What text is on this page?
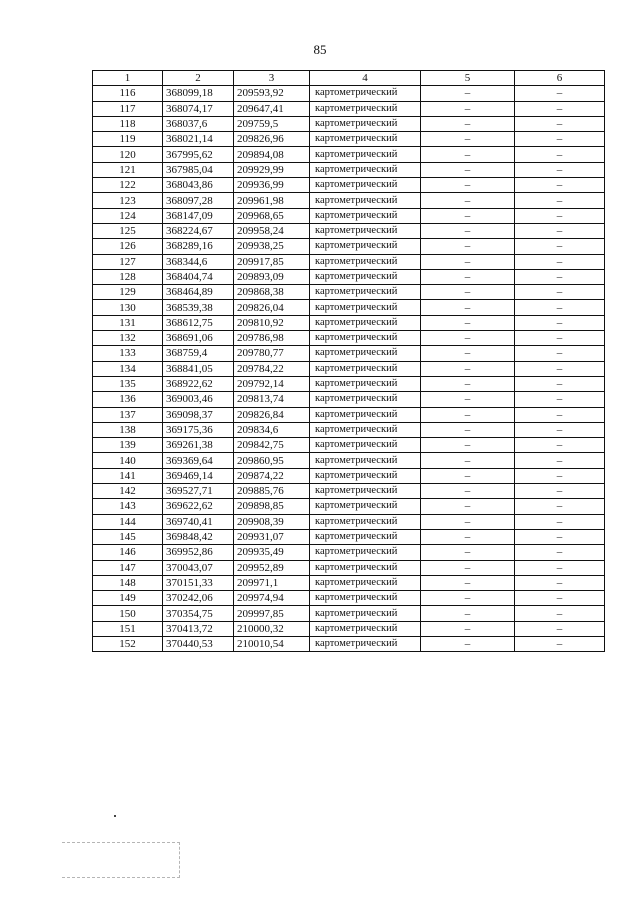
85
1	2	3	4	5	6
116	368099,18	209593,92	картометрический	–	–
117	368074,17	209647,41	картометрический	–	–
118	368037,6	209759,5	картометрический	–	–
119	368021,14	209826,96	картометрический	–	–
120	367995,62	209894,08	картометрический	–	–
121	367985,04	209929,99	картометрический	–	–
122	368043,86	209936,99	картометрический	–	–
123	368097,28	209961,98	картометрический	–	–
124	368147,09	209968,65	картометрический	–	–
125	368224,67	209958,24	картометрический	–	–
126	368289,16	209938,25	картометрический	–	–
127	368344,6	209917,85	картометрический	–	–
128	368404,74	209893,09	картометрический	–	–
129	368464,89	209868,38	картометрический	–	–
130	368539,38	209826,04	картометрический	–	–
131	368612,75	209810,92	картометрический	–	–
132	368691,06	209786,98	картометрический	–	–
133	368759,4	209780,77	картометрический	–	–
134	368841,05	209784,22	картометрический	–	–
135	368922,62	209792,14	картометрический	–	–
136	369003,46	209813,74	картометрический	–	–
137	369098,37	209826,84	картометрический	–	–
138	369175,36	209834,6	картометрический	–	–
139	369261,38	209842,75	картометрический	–	–
140	369369,64	209860,95	картометрический	–	–
141	369469,14	209874,22	картометрический	–	–
142	369527,71	209885,76	картометрический	–	–
143	369622,62	209898,85	картометрический	–	–
144	369740,41	209908,39	картометрический	–	–
145	369848,42	209931,07	картометрический	–	–
146	369952,86	209935,49	картометрический	–	–
147	370043,07	209952,89	картометрический	–	–
148	370151,33	209971,1	картометрический	–	–
149	370242,06	209974,94	картометрический	–	–
150	370354,75	209997,85	картометрический	–	–
151	370413,72	210000,32	картометрический	–	–
152	370440,53	210010,54	картометрический	–	–
